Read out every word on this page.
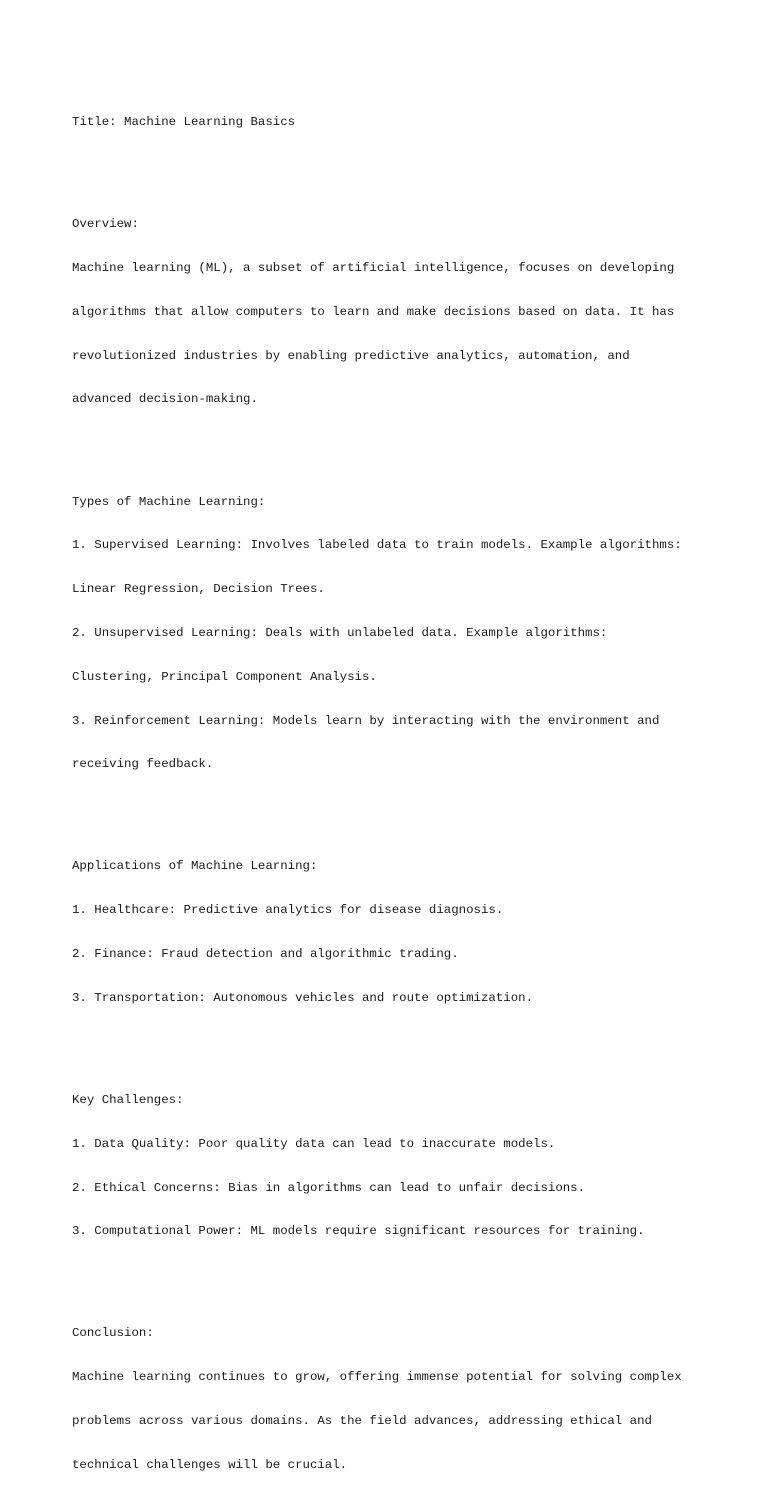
Title: Machine Learning Basics

Overview:

Machine learning (ML), a subset of artificial intelligence, focuses on developing

algorithms that allow computers to learn and make decisions based on data. It has

revolutionized industries by enabling predictive analytics, automation, and

advanced decision-making.

Types of Machine Learning:

1. Supervised Learning: Involves labeled data to train models. Example algorithms:

Linear Regression, Decision Trees.

2. Unsupervised Learning: Deals with unlabeled data. Example algorithms:

Clustering, Principal Component Analysis.

3. Reinforcement Learning: Models learn by interacting with the environment and

receiving feedback.

Applications of Machine Learning:

1. Healthcare: Predictive analytics for disease diagnosis.

2. Finance: Fraud detection and algorithmic trading.

3. Transportation: Autonomous vehicles and route optimization.

Key Challenges:

1. Data Quality: Poor quality data can lead to inaccurate models.

2. Ethical Concerns: Bias in algorithms can lead to unfair decisions.

3. Computational Power: ML models require significant resources for training.

Conclusion:

Machine learning continues to grow, offering immense potential for solving complex

problems across various domains. As the field advances, addressing ethical and

technical challenges will be crucial.
